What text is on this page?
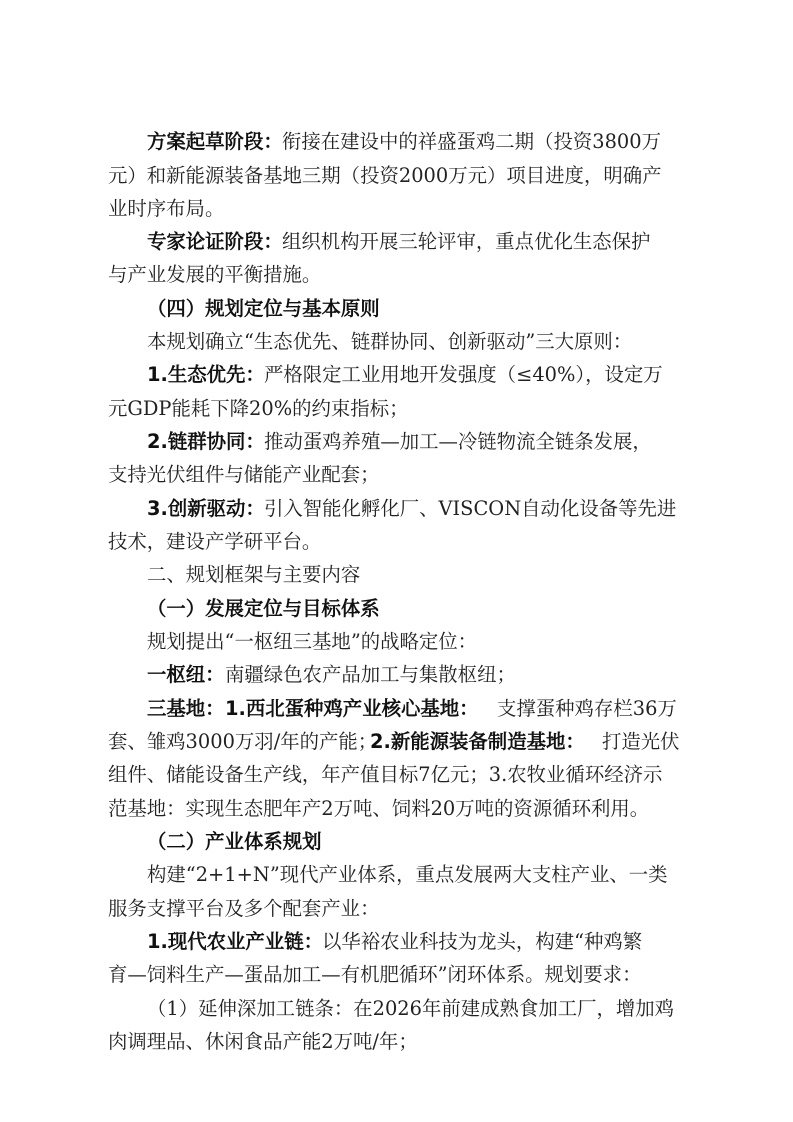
方案起草阶段： 衔接在建设中的祥盛蛋鸡二期（投资3800万
元）和新能源装备基地三期（投资2000万元）项目进度，明确产
业时序布局。
专家论证阶段： 组织机构开展三轮评审，重点优化生态保护
与产业发展的平衡措施。
（四）规划定位与基本原则
本规划确立“生态优先、链群协同、创新驱动”三大原则：
1.生态优先： 严格限定工业用地开发强度（≤40%），设定万
元GDP能耗下降20%的约束指标；
2.链群协同： 推动蛋鸡养殖—加工—冷链物流全链条发展，
支持光伏组件与储能产业配套；
3.创新驱动： 引入智能化孵化厂、VISCON自动化设备等先进
技术，建设产学研平台。
二、规划框架与主要内容
（一）发展定位与目标体系
规划提出“一枢纽三基地”的战略定位：
一枢纽： 南疆绿色农产品加工与集散枢纽；
三基地： 1.西北蛋种鸡产业核心基地： 支撑蛋种鸡存栏36万
套、雏鸡3000万羽/年的产能；
2.新能源装备制造基地： 打造光伏
组件、储能设备生产线，年产值目标7亿元；3.农牧业循环经济示
范基地：实现生态肥年产2万吨、饲料20万吨的资源循环利用。
（二）产业体系规划
构建“2+1+N”现代产业体系，重点发展两大支柱产业、一类
服务支撑平台及多个配套产业：
1.现代农业产业链： 以华裕农业科技为龙头，构建“种鸡繁
育—饲料生产—蛋品加工—有机肥循环”闭环体系。规划要求：
（1）延伸深加工链条：在2026年前建成熟食加工厂，增加鸡
肉调理品、休闲食品产能2万吨/年；
